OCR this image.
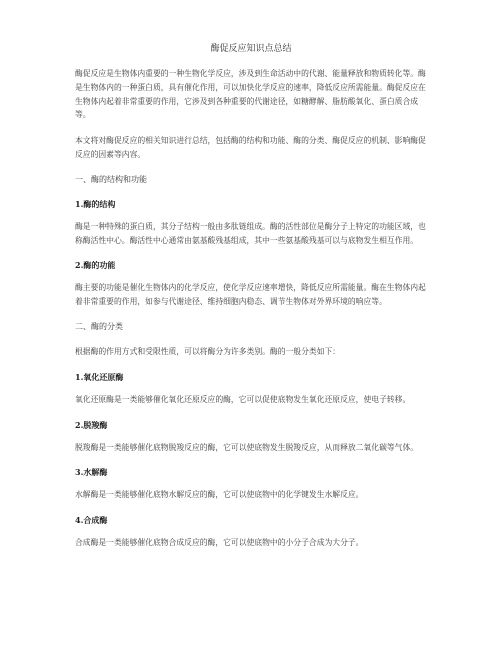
酶促反应知识点总结

酶促反应是生物体内重要的一种生物化学反应，涉及到生命活动中的代谢、能量释放和物质转化等。酶是生物体内的一种蛋白质，具有催化作用，可以加快化学反应的速率，降低反应所需能量。酶促反应在生物体内起着非常重要的作用，它涉及到各种重要的代谢途径，如糖酵解、脂肪酸氧化、蛋白质合成等。

本文将对酶促反应的相关知识进行总结，包括酶的结构和功能、酶的分类、酶促反应的机制、影响酶促反应的因素等内容。

一、酶的结构和功能
1.酶的结构

酶是一种特殊的蛋白质，其分子结构一般由多肽链组成。酶的活性部位是酶分子上特定的功能区域，也称酶活性中心。酶活性中心通常由氨基酸残基组成，其中一些氨基酸残基可以与底物发生相互作用。

2.酶的功能

酶主要的功能是催化生物体内的化学反应，使化学反应速率增快，降低反应所需能量。酶在生物体内起着非常重要的作用，如参与代谢途径、维持细胞内稳态、调节生物体对外界环境的响应等。

二、酶的分类

根据酶的作用方式和受限性质，可以将酶分为许多类别。酶的一般分类如下：

1.氧化还原酶

氧化还原酶是一类能够催化氧化还原反应的酶，它可以促使底物发生氧化还原反应，使电子转移。

2.脱羧酶

脱羧酶是一类能够催化底物脱羧反应的酶，它可以使底物发生脱羧反应，从而释放二氧化碳等气体。

3.水解酶

水解酶是一类能够催化底物水解反应的酶，它可以使底物中的化学键发生水解反应。

4.合成酶

合成酶是一类能够催化底物合成反应的酶，它可以使底物中的小分子合成为大分子。
